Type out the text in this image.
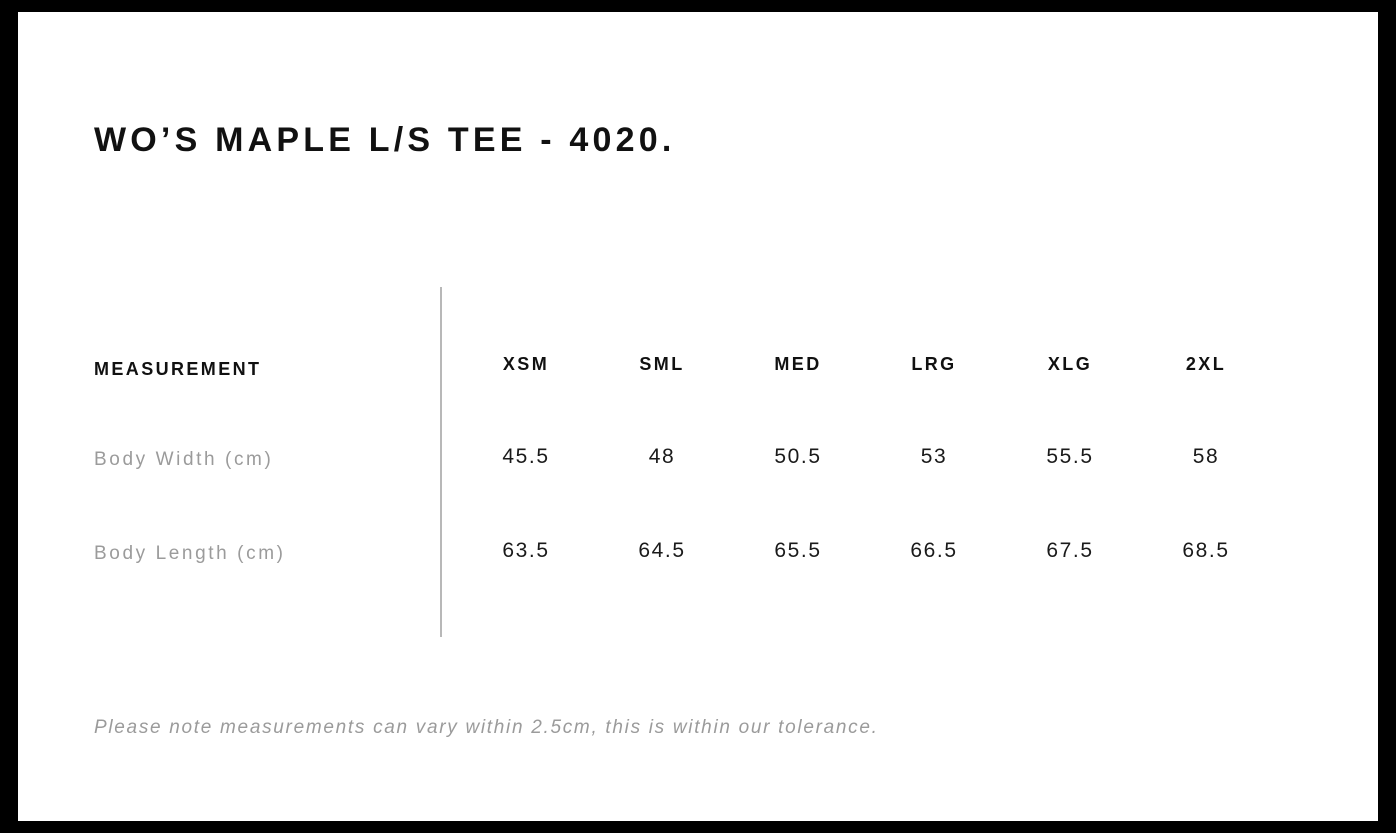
WO’S MAPLE L/S TEE - 4020.
MEASUREMENT	XSM	SML	MED	LRG	XLG	2XL
Body Width (cm)	45.5	48	50.5	53	55.5	58
Body Length (cm)	63.5	64.5	65.5	66.5	67.5	68.5
Please note measurements can vary within 2.5cm, this is within our tolerance.
